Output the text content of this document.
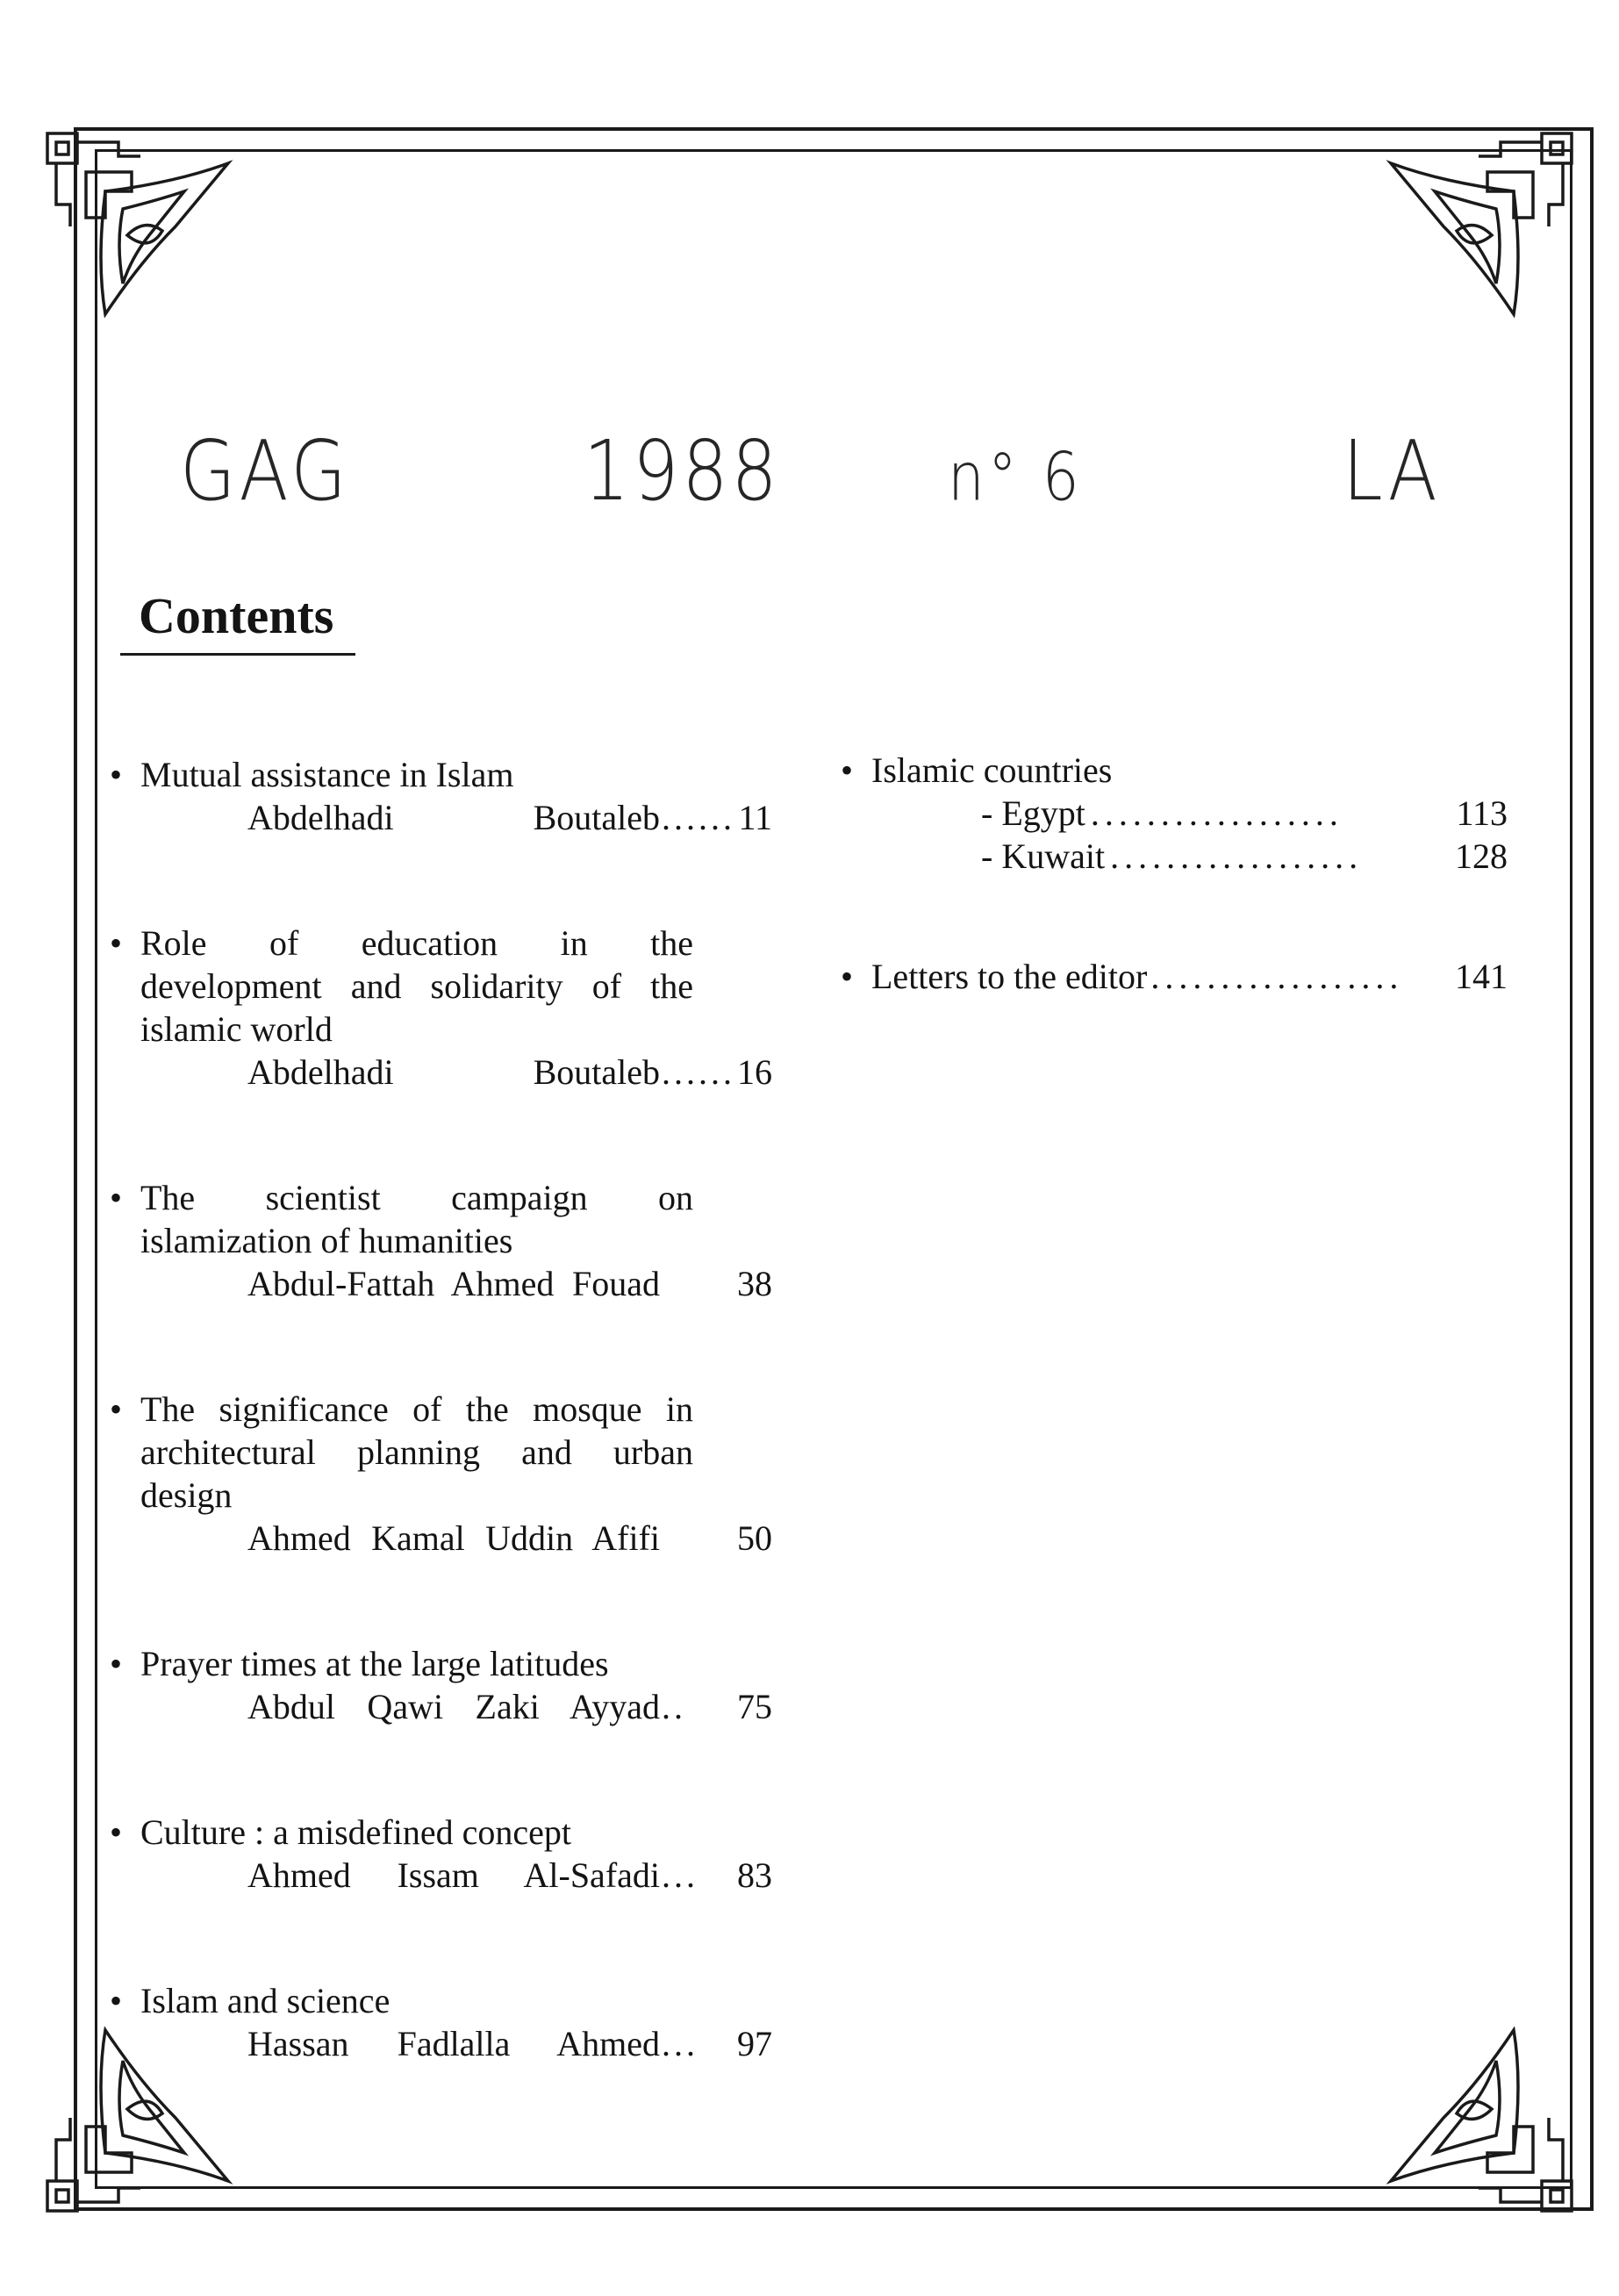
GAG	1988	n° 6	LA
Contents
• Mutual assistance in Islam
Abdelhadi Boutaleb ...... 11
• Role of education in the
development and solidarity of the
islamic world
Abdelhadi Boutaleb ...... 16
• The scientist campaign on
islamization of humanities
Abdul-Fattah Ahmed Fouad 38
• The significance of the mosque in
architectural planning and urban
design
Ahmed Kamal Uddin Afifi 50
• Prayer times at the large latitudes
Abdul Qawi Zaki Ayyad .. 75
• Culture : a misdefined concept
Ahmed Issam Al-Safadi ... 83
• Islam and science
Hassan Fadlalla Ahmed ... 97
• Islamic countries
- Egypt ..................	113
- Kuwait ..................	128
• Letters to the editor ..................	141
